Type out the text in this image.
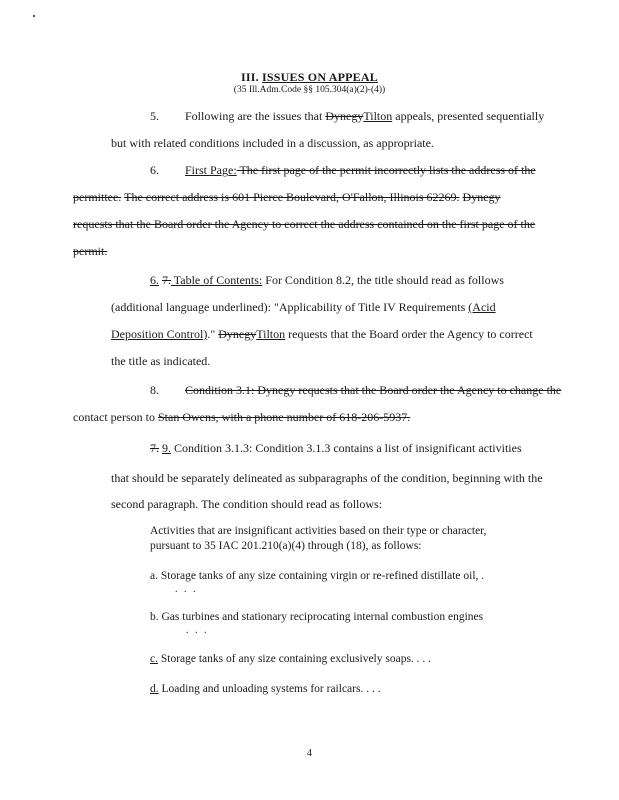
III. ISSUES ON APPEAL
(35 Ill.Adm.Code §§ 105.304(a)(2)-(4))
5. Following are the issues that DynegyTilton appeals, presented sequentially
but with related conditions included in a discussion, as appropriate.
6. First Page: The first page of the permit incorrectly lists the address of the
permittee. The correct address is 601 Pierce Boulevard, O'Fallon, Illinois 62269. Dynegy
requests that the Board order the Agency to correct the address contained on the first page of the
permit.
6. 7. Table of Contents: For Condition 8.2, the title should read as follows
(additional language underlined): "Applicability of Title IV Requirements (Acid
Deposition Control)." DynegyTilton requests that the Board order the Agency to correct
the title as indicated.
8. Condition 3.1: Dynegy requests that the Board order the Agency to change the
contact person to Stan Owens, with a phone number of 618-206-5937.
7. 9. Condition 3.1.3: Condition 3.1.3 contains a list of insignificant activities
that should be separately delineated as subparagraphs of the condition, beginning with the
second paragraph. The condition should read as follows:
Activities that are insignificant activities based on their type or character,
pursuant to 35 IAC 201.210(a)(4) through (18), as follows:
a. Storage tanks of any size containing virgin or re-refined distillate oil, .
. . .
b. Gas turbines and stationary reciprocating internal combustion engines
. . .
c. Storage tanks of any size containing exclusively soaps. . . .
d. Loading and unloading systems for railcars. . . .
4
